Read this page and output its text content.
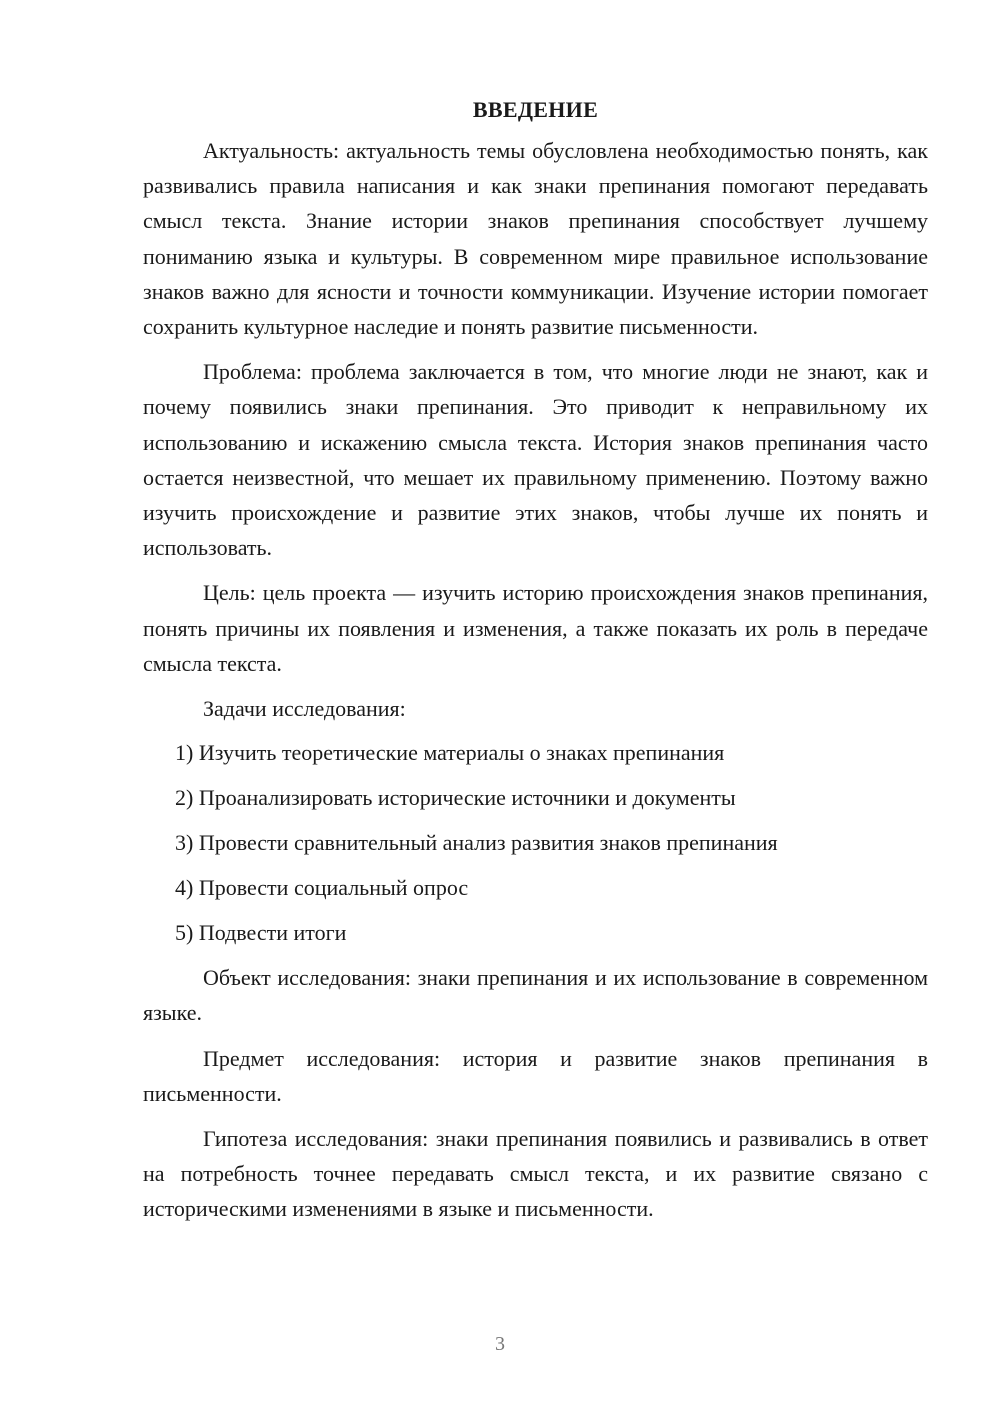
ВВЕДЕНИЕ

Актуальность: актуальность темы обусловлена необходимостью понять, как развивались правила написания и как знаки препинания помогают передавать смысл текста. Знание истории знаков препинания способствует лучшему пониманию языка и культуры. В современном мире правильное использование знаков важно для ясности и точности коммуникации. Изучение истории помогает сохранить культурное наследие и понять развитие письменности.

Проблема: проблема заключается в том, что многие люди не знают, как и почему появились знаки препинания. Это приводит к неправильному их использованию и искажению смысла текста. История знаков препинания часто остается неизвестной, что мешает их правильному применению. Поэтому важно изучить происхождение и развитие этих знаков, чтобы лучше их понять и использовать.

Цель: цель проекта — изучить историю происхождения знаков препинания, понять причины их появления и изменения, а также показать их роль в передаче смысла текста.

Задачи исследования:

1) Изучить теоретические материалы о знаках препинания
2) Проанализировать исторические источники и документы
3) Провести сравнительный анализ развития знаков препинания
4) Провести социальный опрос
5) Подвести итоги

Объект исследования: знаки препинания и их использование в современном языке.

Предмет исследования: история и развитие знаков препинания в письменности.

Гипотеза исследования: знаки препинания появились и развивались в ответ на потребность точнее передавать смысл текста, и их развитие связано с историческими изменениями в языке и письменности.

3
